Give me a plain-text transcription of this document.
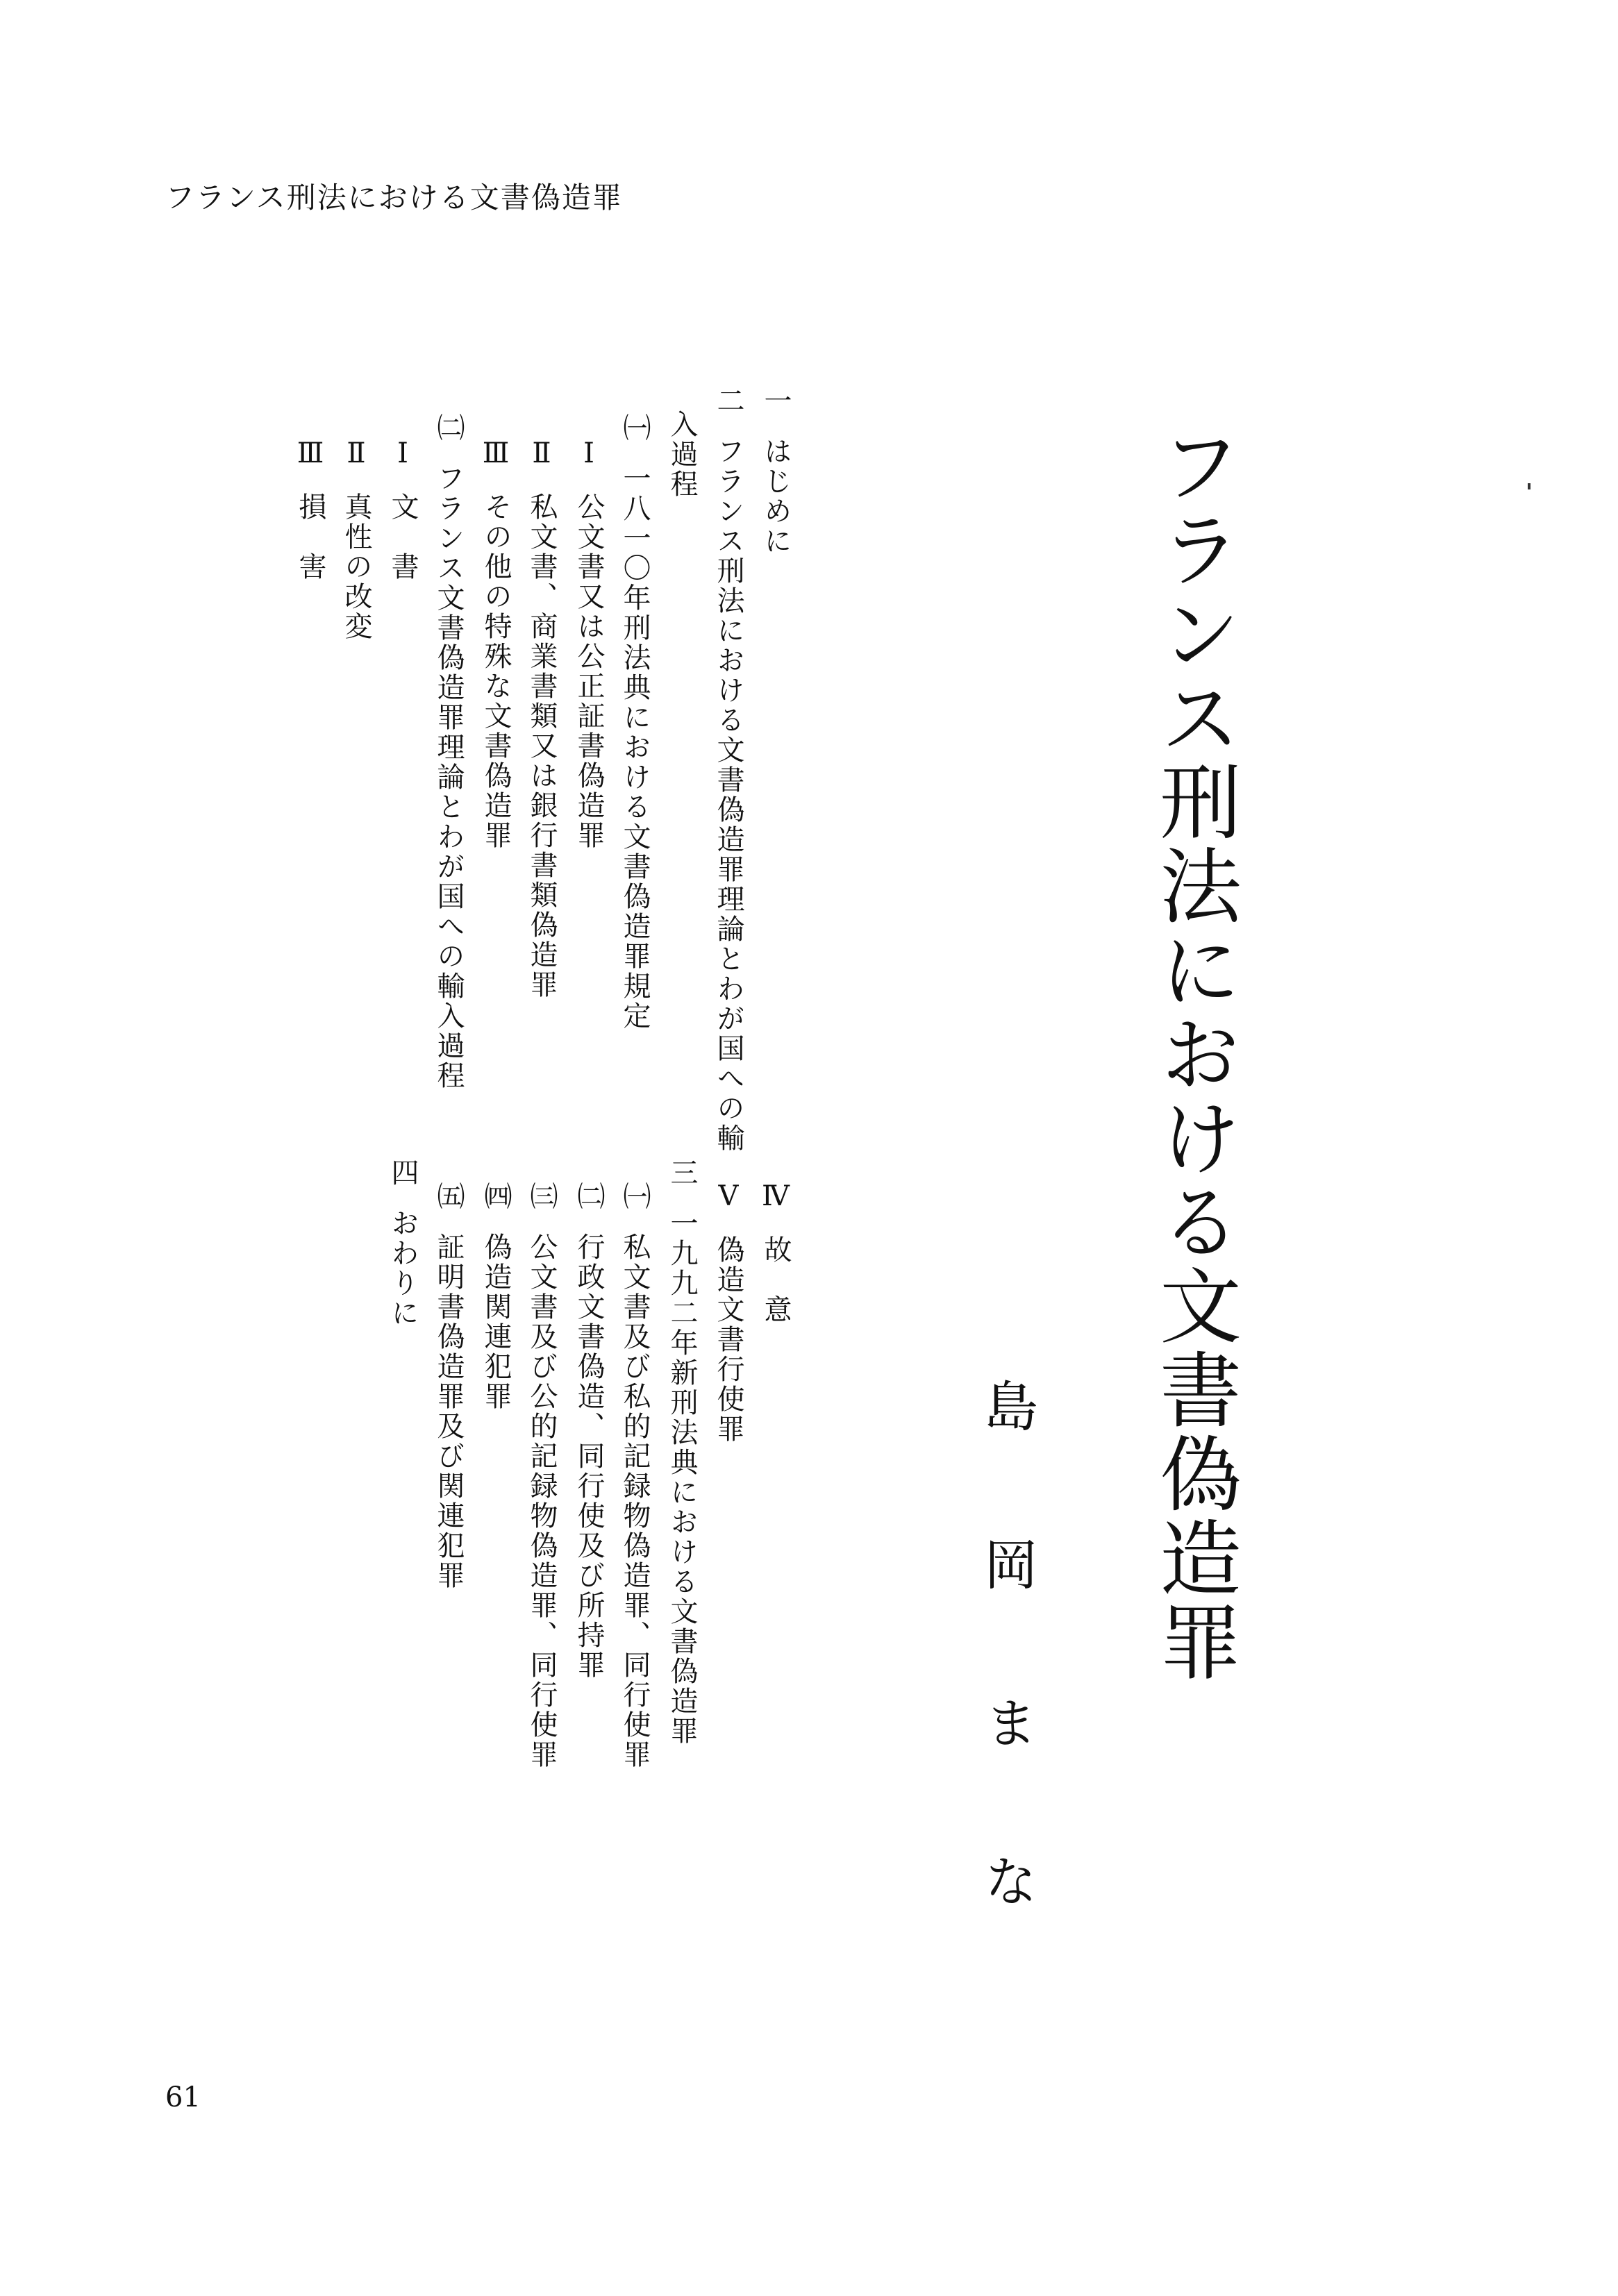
フランス刑法における文書偽造罪
フランス刑法における文書偽造罪
島岡まな
一はじめに
二フランス刑法における文書偽造罪理論とわが国への輸
入過程
㈠一八一〇年刑法典における文書偽造罪規定
Ⅰ公文書又は公正証書偽造罪
Ⅱ私文書、商業書類又は銀行書類偽造罪
Ⅲその他の特殊な文書偽造罪
㈡フランス文書偽造罪理論とわが国への輸入過程
Ⅰ文　書
Ⅱ真性の改変
Ⅲ損　害
Ⅳ故　意
Ⅴ偽造文書行使罪
三一九九二年新刑法典における文書偽造罪
㈠私文書及び私的記録物偽造罪、同行使罪
㈡行政文書偽造、同行使及び所持罪
㈢公文書及び公的記録物偽造罪、同行使罪
㈣偽造関連犯罪
㈤証明書偽造罪及び関連犯罪
四おわりに
61
